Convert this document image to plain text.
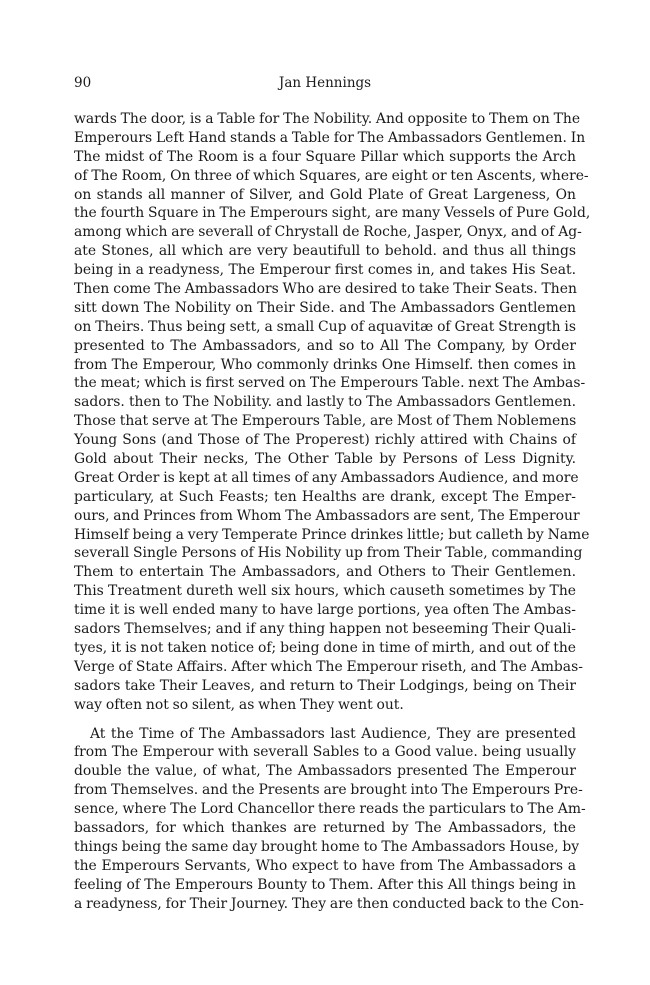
90	Jan Hennings
wards The door, is a Table for The Nobility. And opposite to Them on The
Emperours Left Hand stands a Table for The Ambassadors Gentlemen. In
The midst of The Room is a four Square Pillar which supports the Arch
of The Room, On three of which Squares, are eight or ten Ascents, where-
on stands all manner of Silver, and Gold Plate of Great Largeness, On
the fourth Square in The Emperours sight, are many Vessels of Pure Gold,
among which are severall of Chrystall de Roche, Jasper, Onyx, and of Ag-
ate Stones, all which are very beautifull to behold. and thus all things
being in a readyness, The Emperour first comes in, and takes His Seat.
Then come The Ambassadors Who are desired to take Their Seats. Then
sitt down The Nobility on Their Side. and The Ambassadors Gentlemen
on Theirs. Thus being sett, a small Cup of aquavitæ of Great Strength is
presented to The Ambassadors, and so to All The Company, by Order
from The Emperour, Who commonly drinks One Himself. then comes in
the meat; which is first served on The Emperours Table. next The Ambas-
sadors. then to The Nobility. and lastly to The Ambassadors Gentlemen.
Those that serve at The Emperours Table, are Most of Them Noblemens
Young Sons (and Those of The Properest) richly attired with Chains of
Gold about Their necks, The Other Table by Persons of Less Dignity.
Great Order is kept at all times of any Ambassadors Audience, and more
particulary, at Such Feasts; ten Healths are drank, except The Emper-
ours, and Princes from Whom The Ambassadors are sent, The Emperour
Himself being a very Temperate Prince drinkes little; but calleth by Name
severall Single Persons of His Nobility up from Their Table, commanding
Them to entertain The Ambassadors, and Others to Their Gentlemen.
This Treatment dureth well six hours, which causeth sometimes by The
time it is well ended many to have large portions, yea often The Ambas-
sadors Themselves; and if any thing happen not beseeming Their Quali-
tyes, it is not taken notice of; being done in time of mirth, and out of the
Verge of State Affairs. After which The Emperour riseth, and The Ambas-
sadors take Their Leaves, and return to Their Lodgings, being on Their
way often not so silent, as when They went out.
At the Time of The Ambassadors last Audience, They are presented
from The Emperour with severall Sables to a Good value. being usually
double the value, of what, The Ambassadors presented The Emperour
from Themselves. and the Presents are brought into The Emperours Pre-
sence, where The Lord Chancellor there reads the particulars to The Am-
bassadors, for which thankes are returned by The Ambassadors, the
things being the same day brought home to The Ambassadors House, by
the Emperours Servants, Who expect to have from The Ambassadors a
feeling of The Emperours Bounty to Them. After this All things being in
a readyness, for Their Journey. They are then conducted back to the Con-
